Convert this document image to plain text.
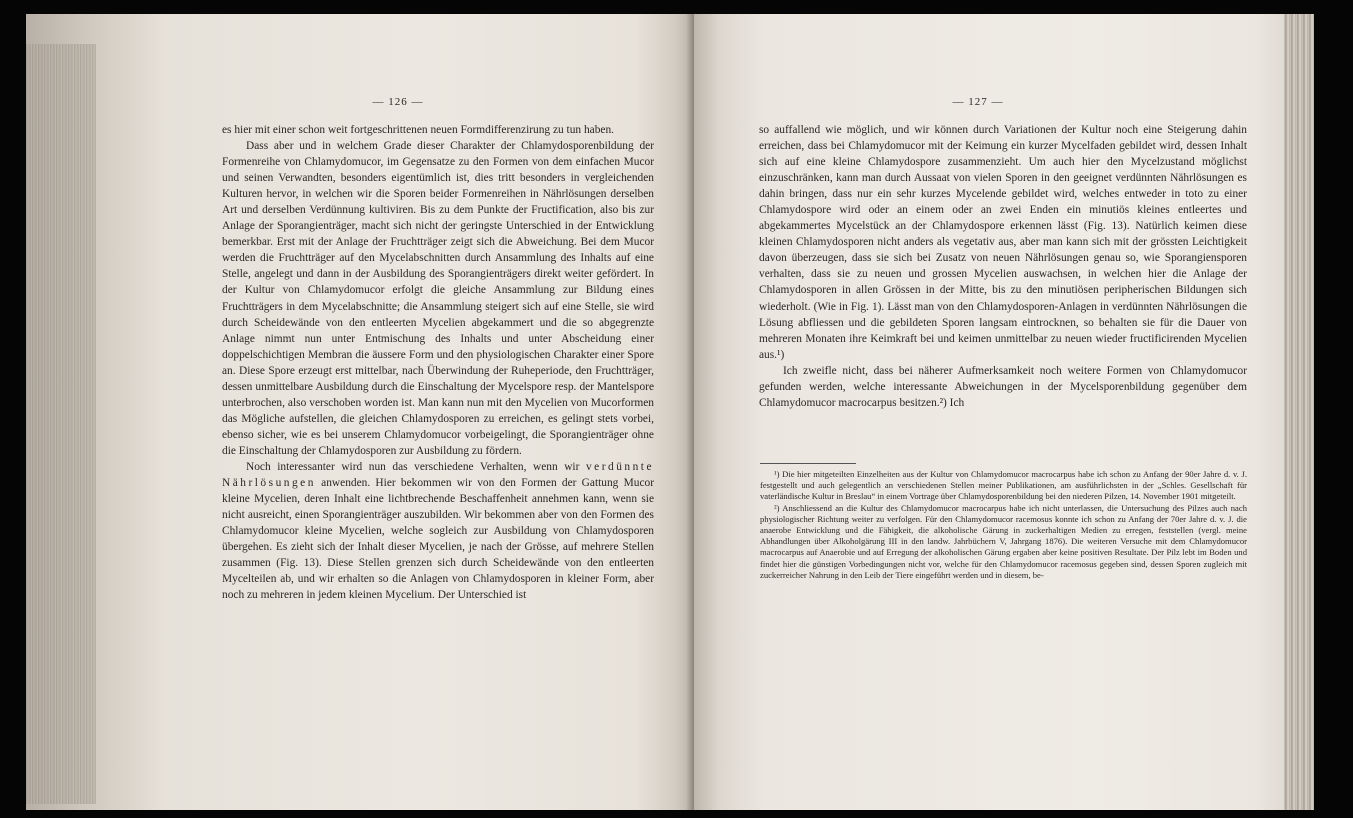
— 126 —

es hier mit einer schon weit fortgeschrittenen neuen Formdifferenzirung zu tun haben.

Dass aber und in welchem Grade dieser Charakter der Chlamydosporenbildung der Formenreihe von Chlamydomucor, im Gegensatze zu den Formen von dem einfachen Mucor und seinen Verwandten, besonders eigentümlich ist, dies tritt besonders in vergleichenden Kulturen hervor, in welchen wir die Sporen beider Formenreihen in Nährlösungen derselben Art und derselben Verdünnung kultiviren. Bis zu dem Punkte der Fructification, also bis zur Anlage der Sporangienträger, macht sich nicht der geringste Unterschied in der Entwicklung bemerkbar. Erst mit der Anlage der Fruchtträger zeigt sich die Abweichung. Bei dem Mucor werden die Fruchtträger auf den Mycelabschnitten durch Ansammlung des Inhalts auf eine Stelle, angelegt und dann in der Ausbildung des Sporangienträgers direkt weiter gefördert. In der Kultur von Chlamydomucor erfolgt die gleiche Ansammlung zur Bildung eines Fruchtträgers in dem Mycelabschnitte; die Ansammlung steigert sich auf eine Stelle, sie wird durch Scheidewände von den entleerten Mycelien abgekammert und die so abgegrenzte Anlage nimmt nun unter Entmischung des Inhalts und unter Abscheidung einer doppelschichtigen Membran die äussere Form und den physiologischen Charakter einer Spore an. Diese Spore erzeugt erst mittelbar, nach Überwindung der Ruheperiode, den Fruchtträger, dessen unmittelbare Ausbildung durch die Einschaltung der Mycelspore resp. der Mantelspore unterbrochen, also verschoben worden ist. Man kann nun mit den Mycelien von Mucorformen das Mögliche aufstellen, die gleichen Chlamydosporen zu erreichen, es gelingt stets vorbei, ebenso sicher, wie es bei unserem Chlamydomucor vorbeigelingt, die Sporangienträger ohne die Einschaltung der Chlamydosporen zur Ausbildung zu fördern.

Noch interessanter wird nun das verschiedene Verhalten, wenn wir verdünnte Nährlösungen anwenden. Hier bekommen wir von den Formen der Gattung Mucor kleine Mycelien, deren Inhalt eine lichtbrechende Beschaffenheit annehmen kann, wenn sie nicht ausreicht, einen Sporangienträger auszubilden. Wir bekommen aber von den Formen des Chlamydomucor kleine Mycelien, welche sogleich zur Ausbildung von Chlamydosporen übergehen. Es zieht sich der Inhalt dieser Mycelien, je nach der Grösse, auf mehrere Stellen zusammen (Fig. 13). Diese Stellen grenzen sich durch Scheidewände von den entleerten Mycelteilen ab, und wir erhalten so die Anlagen von Chlamydosporen in kleiner Form, aber noch zu mehreren in jedem kleinen Mycelium. Der Unterschied ist

— 127 —

so auffallend wie möglich, und wir können durch Variationen der Kultur noch eine Steigerung dahin erreichen, dass bei Chlamydomucor mit der Keimung ein kurzer Mycelfaden gebildet wird, dessen Inhalt sich auf eine kleine Chlamydospore zusammenzieht. Um auch hier den Mycelzustand möglichst einzuschränken, kann man durch Aussaat von vielen Sporen in den geeignet verdünnten Nährlösungen es dahin bringen, dass nur ein sehr kurzes Mycelende gebildet wird, welches entweder in toto zu einer Chlamydospore wird oder an einem oder an zwei Enden ein minutiös kleines entleertes und abgekammertes Mycelstück an der Chlamydospore erkennen lässt (Fig. 13). Natürlich keimen diese kleinen Chlamydosporen nicht anders als vegetativ aus, aber man kann sich mit der grössten Leichtigkeit davon überzeugen, dass sie sich bei Zusatz von neuen Nährlösungen genau so, wie Sporangiensporen verhalten, dass sie zu neuen und grossen Mycelien auswachsen, in welchen hier die Anlage der Chlamydosporen in allen Grössen in der Mitte, bis zu den minutiösen peripherischen Bildungen sich wiederholt. (Wie in Fig. 1). Lässt man von den Chlamydosporen-Anlagen in verdünnten Nährlösungen die Lösung abfliessen und die gebildeten Sporen langsam eintrocknen, so behalten sie für die Dauer von mehreren Monaten ihre Keimkraft bei und keimen unmittelbar zu neuen wieder fructificirenden Mycelien aus.¹)

Ich zweifle nicht, dass bei näherer Aufmerksamkeit noch weitere Formen von Chlamydomucor gefunden werden, welche interessante Abweichungen in der Mycelsporenbildung gegenüber dem Chlamydomucor macrocarpus besitzen.²) Ich

¹) Die hier mitgeteilten Einzelheiten aus der Kultur von Chlamydomucor macrocarpus habe ich schon zu Anfang der 90er Jahre d. v. J. festgestellt und auch gelegentlich an verschiedenen Stellen meiner Publikationen, am ausführlichsten in der „Schles. Gesellschaft für vaterländische Kultur in Breslau“ in einem Vortrage über Chlamydosporenbildung bei den niederen Pilzen, 14. November 1901 mitgeteilt.

²) Anschliessend an die Kultur des Chlamydomucor macrocarpus habe ich nicht unterlassen, die Untersuchung des Pilzes auch nach physiologischer Richtung weiter zu verfolgen. Für den Chlamydomucor racemosus konnte ich schon zu Anfang der 70er Jahre d. v. J. die anaerobe Entwicklung und die Fähigkeit, die alkoholische Gärung in zuckerhaltigen Medien zu erregen, feststellen (vergl. meine Abhandlungen über Alkoholgärung III in den landw. Jahrbüchern V, Jahrgang 1876). Die weiteren Versuche mit dem Chlamydomucor macrocarpus auf Anaerobie und auf Erregung der alkoholischen Gärung ergaben aber keine positiven Resultate. Der Pilz lebt im Boden und findet hier die günstigen Vorbedingungen nicht vor, welche für den Chlamydomucor racemosus gegeben sind, dessen Sporen zugleich mit zuckerreicher Nahrung in den Leib der Tiere eingeführt werden und in diesem, be-
